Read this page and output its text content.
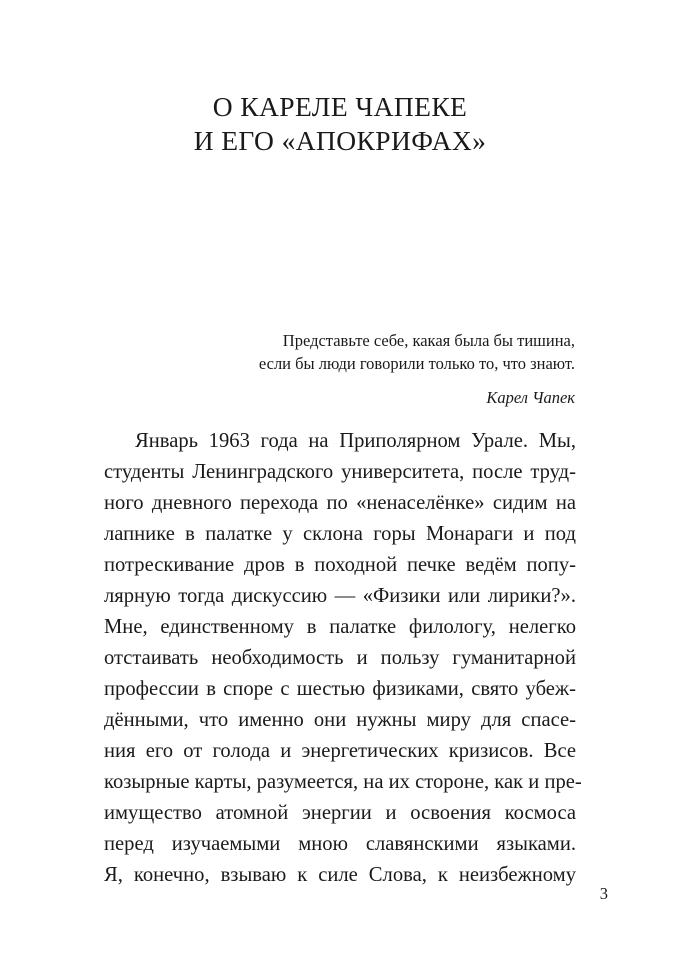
О КАРЕЛЕ ЧАПЕКЕ
И ЕГО «АПОКРИФАХ»
Представьте себе, какая была бы тишина,
если бы люди говорили только то, что знают.
Карел Чапек
Январь 1963 года на Приполярном Урале. Мы,
студенты Ленинградского университета, после труд-
ного дневного перехода по «ненаселёнке» сидим на
лапнике в палатке у склона горы Монараги и под
потрескивание дров в походной печке ведём попу-
лярную тогда дискуссию — «Физики или лирики?».
Мне, единственному в палатке филологу, нелегко
отстаивать необходимость и пользу гуманитарной
профессии в споре с шестью физиками, свято убеж-
дёнными, что именно они нужны миру для спасе-
ния его от голода и энергетических кризисов. Все
козырные карты, разумеется, на их стороне, как и пре-
имущество атомной энергии и освоения космоса
перед изучаемыми мною славянскими языками.
Я, конечно, взываю к силе Слова, к неизбежному
3
